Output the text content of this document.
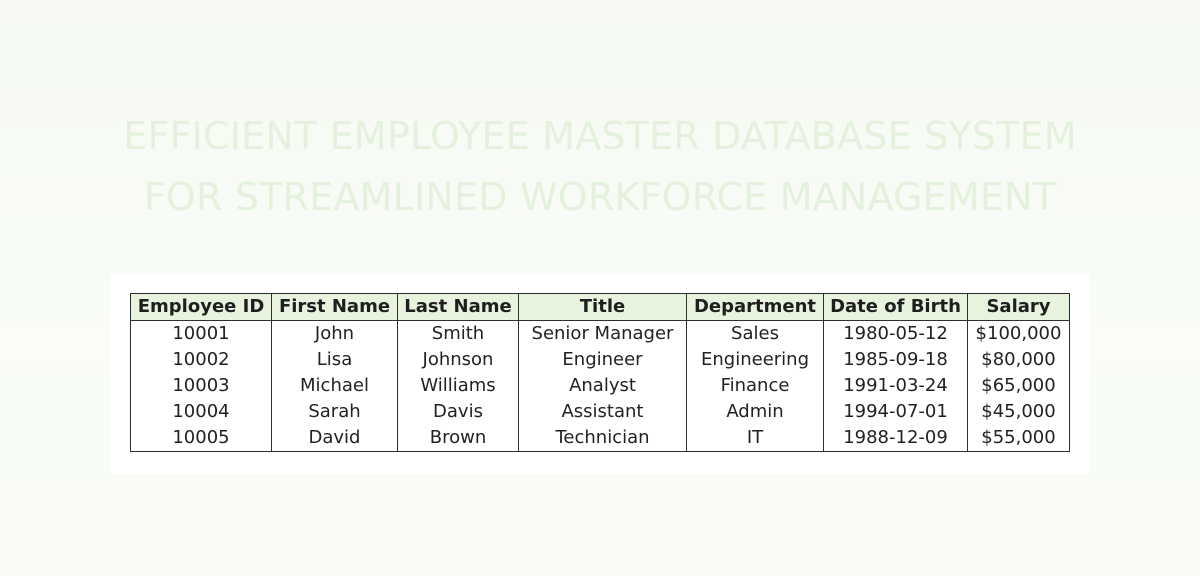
EFFICIENT EMPLOYEE MASTER DATABASE SYSTEM
FOR STREAMLINED WORKFORCE MANAGEMENT
Employee ID	First Name	Last Name	Title	Department	Date of Birth	Salary
10001	John	Smith	Senior Manager	Sales	1980-05-12	$100,000
10002	Lisa	Johnson	Engineer	Engineering	1985-09-18	$80,000
10003	Michael	Williams	Analyst	Finance	1991-03-24	$65,000
10004	Sarah	Davis	Assistant	Admin	1994-07-01	$45,000
10005	David	Brown	Technician	IT	1988-12-09	$55,000
